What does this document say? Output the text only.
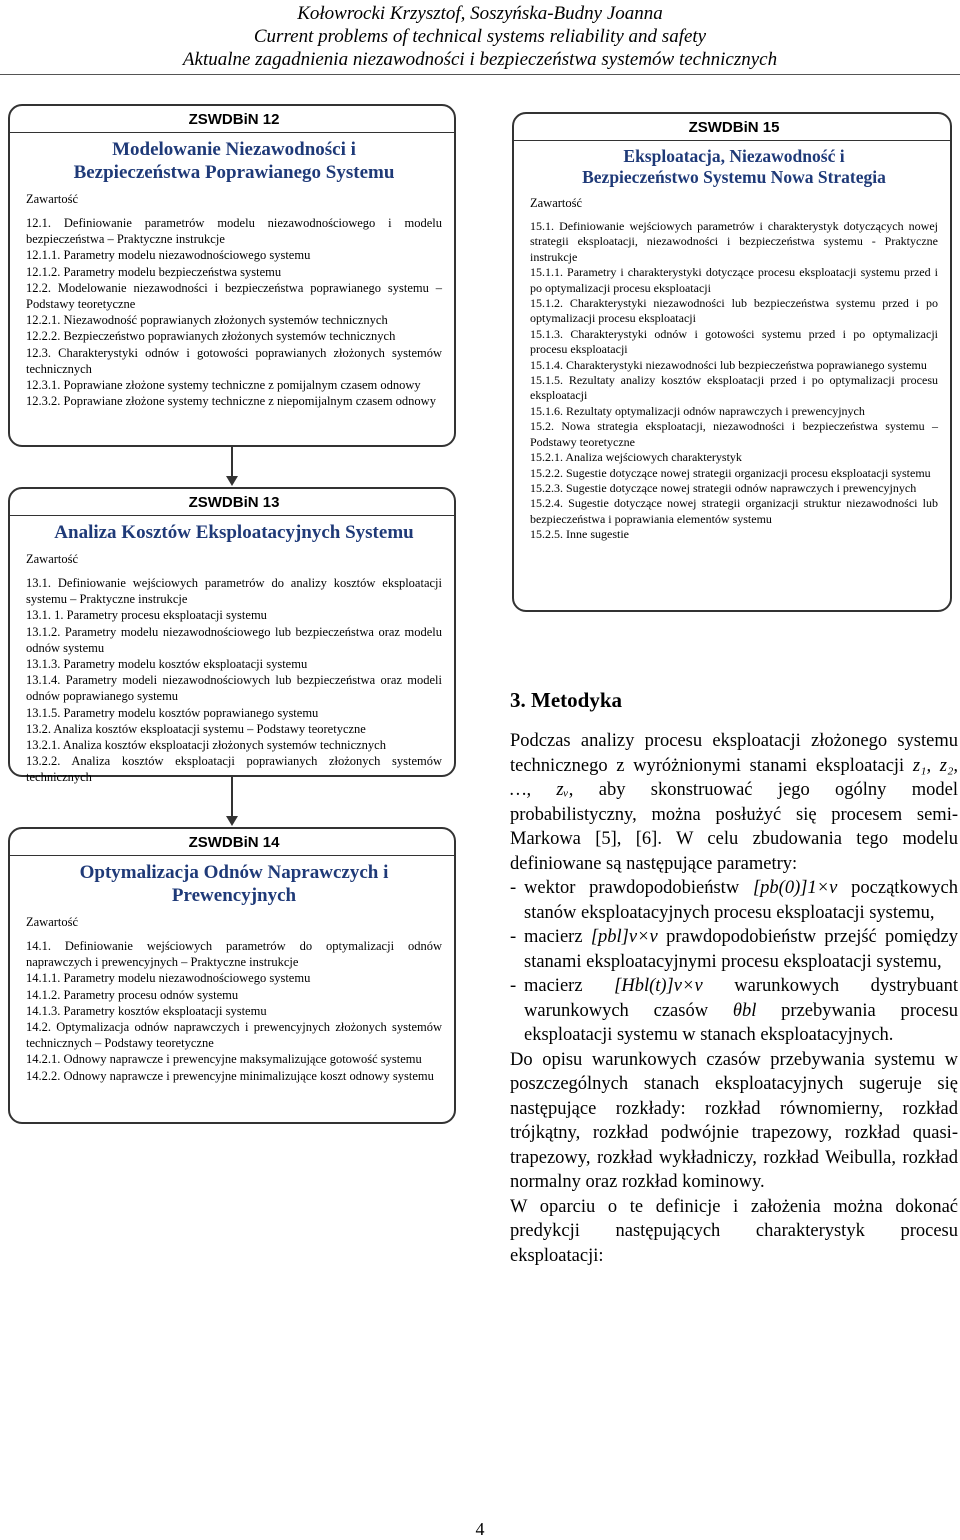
Kołowrocki Krzysztof, Soszyńska-Budny Joanna
Current problems of technical systems reliability and safety
Aktualne zagadnienia niezawodności i bezpieczeństwa systemów technicznych
ZSWDBiN 12
Modelowanie Niezawodności i Bezpieczeństwa Poprawianego Systemu
Zawartość
12.1. Definiowanie parametrów modelu niezawodnościowego i modelu bezpieczeństwa – Praktyczne instrukcje
12.1.1. Parametry modelu niezawodnościowego systemu
12.1.2. Parametry modelu bezpieczeństwa systemu
12.2. Modelowanie niezawodności i bezpieczeństwa poprawianego systemu – Podstawy teoretyczne
12.2.1. Niezawodność poprawianych złożonych systemów technicznych
12.2.2. Bezpieczeństwo poprawianych złożonych systemów technicznych
12.3. Charakterystyki odnów i gotowości poprawianych złożonych systemów technicznych
12.3.1. Poprawiane złożone systemy techniczne z pomijalnym czasem odnowy
12.3.2. Poprawiane złożone systemy techniczne z niepomijalnym czasem odnowy
ZSWDBiN 13
Analiza Kosztów Eksploatacyjnych Systemu
Zawartość
13.1. Definiowanie wejściowych parametrów do analizy kosztów eksploatacji systemu – Praktyczne instrukcje
13.1. 1. Parametry procesu eksploatacji systemu
13.1.2. Parametry modelu niezawodnościowego lub bezpieczeństwa oraz modelu odnów systemu
13.1.3. Parametry modelu kosztów eksploatacji systemu
13.1.4. Parametry modeli niezawodnościowych lub bezpieczeństwa oraz modeli odnów poprawianego systemu
13.1.5. Parametry modelu kosztów poprawianego systemu
13.2. Analiza kosztów eksploatacji systemu – Podstawy teoretyczne
13.2.1. Analiza kosztów eksploatacji złożonych systemów technicznych
13.2.2. Analiza kosztów eksploatacji poprawianych złożonych systemów technicznych
ZSWDBiN 14
Optymalizacja Odnów Naprawczych i Prewencyjnych
Zawartość
14.1. Definiowanie wejściowych parametrów do optymalizacji odnów naprawczych i prewencyjnych – Praktyczne instrukcje
14.1.1. Parametry modelu niezawodnościowego systemu
14.1.2. Parametry procesu odnów systemu
14.1.3. Parametry kosztów eksploatacji systemu
14.2. Optymalizacja odnów naprawczych i prewencyjnych złożonych systemów technicznych – Podstawy teoretyczne
14.2.1. Odnowy naprawcze i prewencyjne maksymalizujące gotowość systemu
14.2.2. Odnowy naprawcze i prewencyjne minimalizujące koszt odnowy systemu
ZSWDBiN 15
Eksploatacja, Niezawodność i Bezpieczeństwo Systemu Nowa Strategia
Zawartość
15.1. Definiowanie wejściowych parametrów i charakterystyk dotyczących nowej strategii eksploatacji, niezawodności i bezpieczeństwa systemu - Praktyczne instrukcje
15.1.1. Parametry i charakterystyki dotyczące procesu eksploatacji systemu przed i po optymalizacji procesu eksploatacji
15.1.2. Charakterystyki niezawodności lub bezpieczeństwa systemu przed i po optymalizacji procesu eksploatacji
15.1.3. Charakterystyki odnów i gotowości systemu przed i po optymalizacji procesu eksploatacji
15.1.4. Charakterystyki niezawodności lub bezpieczeństwa poprawianego systemu
15.1.5. Rezultaty analizy kosztów eksploatacji przed i po optymalizacji procesu eksploatacji
15.1.6. Rezultaty optymalizacji odnów naprawczych i prewencyjnych
15.2. Nowa strategia eksploatacji, niezawodności i bezpieczeństwa systemu – Podstawy teoretyczne
15.2.1. Analiza wejściowych charakterystyk
15.2.2. Sugestie dotyczące nowej strategii organizacji procesu eksploatacji systemu
15.2.3. Sugestie dotyczące nowej strategii odnów naprawczych i prewencyjnych
15.2.4. Sugestie dotyczące nowej strategii organizacji struktur niezawodności lub bezpieczeństwa i poprawiania elementów systemu
15.2.5. Inne sugestie
3. Metodyka

Podczas analizy procesu eksploatacji złożonego systemu technicznego z wyróżnionymi stanami eksploatacji z₁, z₂, …, zᵥ, aby skonstruować jego ogólny model probabilistyczny, można posłużyć się procesem semi-Markowa [5], [6]. W celu zbudowania tego modelu definiowane są następujące parametry:

- wektor prawdopodobieństw [pb(0)]1×v początkowych stanów eksploatacyjnych procesu eksploatacji systemu,

- macierz [pbl]v×v prawdopodobieństw przejść pomiędzy stanami eksploatacyjnymi procesu eksploatacji systemu,

- macierz [Hbl(t)]v×v warunkowych dystrybuant warunkowych czasów θbl przebywania procesu eksploatacji systemu w stanach eksploatacyjnych.

Do opisu warunkowych czasów przebywania systemu w poszczególnych stanach eksploatacyjnych sugeruje się następujące rozkłady: rozkład równomierny, rozkład trójkątny, rozkład podwójnie trapezowy, rozkład quasi-trapezowy, rozkład wykładniczy, rozkład Weibulla, rozkład normalny oraz rozkład kominowy.

W oparciu o te definicje i założenia można dokonać predykcji następujących charakterystyk procesu eksploatacji:

4
